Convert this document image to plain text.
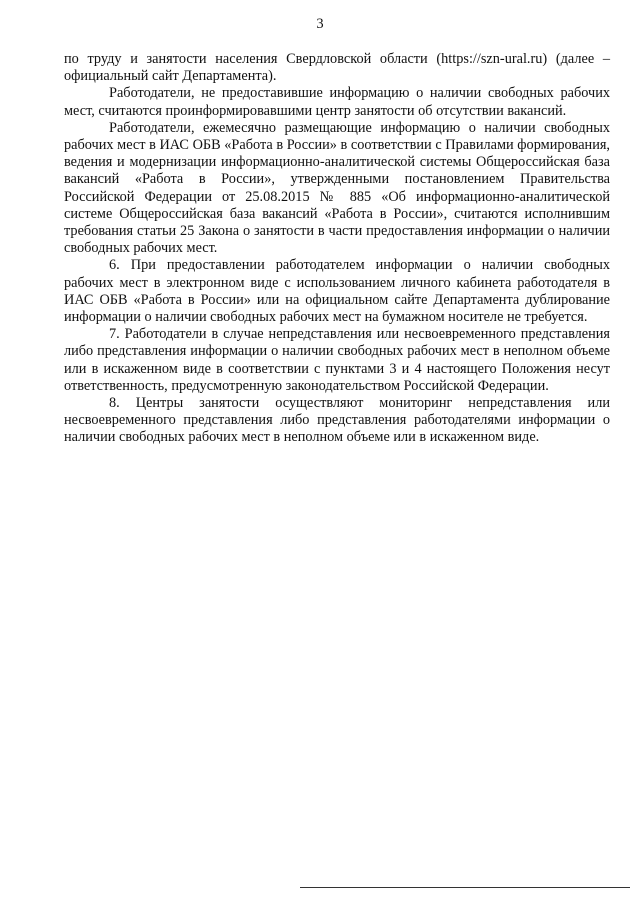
3

по труду и занятости населения Свердловской области (https://szn-ural.ru) (далее – официальный сайт Департамента).

Работодатели, не предоставившие информацию о наличии свободных рабочих мест, считаются проинформировавшими центр занятости об отсутствии вакансий.

Работодатели, ежемесячно размещающие информацию о наличии свободных рабочих мест в ИАС ОБВ «Работа в России» в соответствии с Правилами формирования, ведения и модернизации информационно-аналитической системы Общероссийская база вакансий «Работа в России», утвержденными постановлением Правительства Российской Федерации от 25.08.2015 № 885 «Об информационно-аналитической системе Общероссийская база вакансий «Работа в России», считаются исполнившим требования статьи 25 Закона о занятости в части предоставления информации о наличии свободных рабочих мест.

6. При предоставлении работодателем информации о наличии свободных рабочих мест в электронном виде с использованием личного кабинета работодателя в ИАС ОБВ «Работа в России» или на официальном сайте Департамента дублирование информации о наличии свободных рабочих мест на бумажном носителе не требуется.

7. Работодатели в случае непредставления или несвоевременного представления либо представления информации о наличии свободных рабочих мест в неполном объеме или в искаженном виде в соответствии с пунктами 3 и 4 настоящего Положения несут ответственность, предусмотренную законодательством Российской Федерации.

8. Центры занятости осуществляют мониторинг непредставления или несвоевременного представления либо представления работодателями информации о наличии свободных рабочих мест в неполном объеме или в искаженном виде.
